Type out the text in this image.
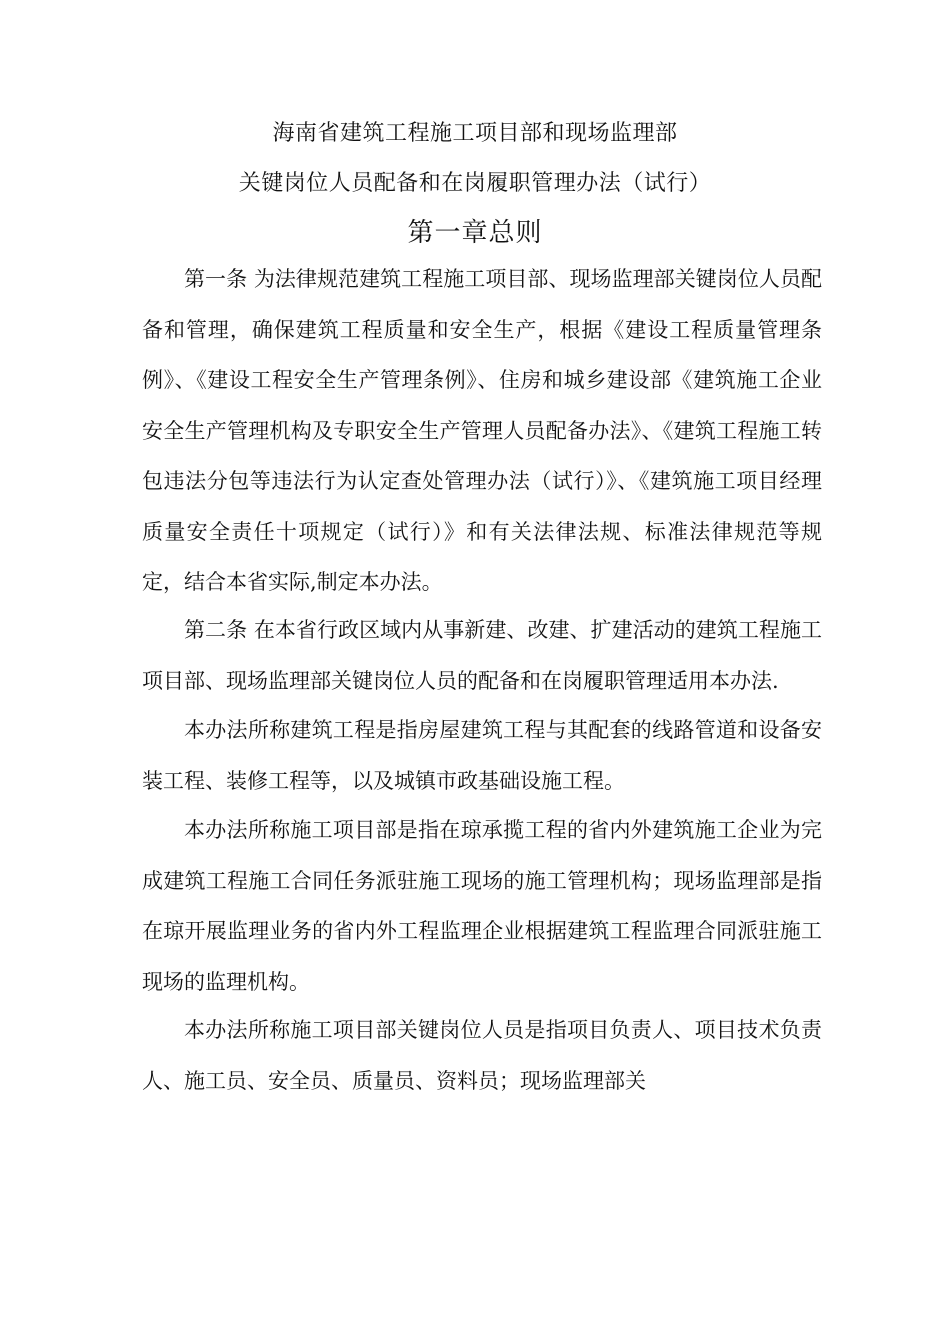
海南省建筑工程施工项目部和现场监理部
关键岗位人员配备和在岗履职管理办法（试行）
第一章总则

第一条 为法律规范建筑工程施工项目部、现场监理部关键岗位人员配备和管理，确保建筑工程质量和安全生产，根据《建设工程质量管理条例》、《建设工程安全生产管理条例》、住房和城乡建设部《建筑施工企业安全生产管理机构及专职安全生产管理人员配备办法》、《建筑工程施工转包违法分包等违法行为认定查处管理办法（试行）》、《建筑施工项目经理质量安全责任十项规定（试行）》和有关法律法规、标准法律规范等规定，结合本省实际,制定本办法。

第二条 在本省行政区域内从事新建、改建、扩建活动的建筑工程施工项目部、现场监理部关键岗位人员的配备和在岗履职管理适用本办法.

本办法所称建筑工程是指房屋建筑工程与其配套的线路管道和设备安装工程、装修工程等，以及城镇市政基础设施工程。

本办法所称施工项目部是指在琼承揽工程的省内外建筑施工企业为完成建筑工程施工合同任务派驻施工现场的施工管理机构；现场监理部是指在琼开展监理业务的省内外工程监理企业根据建筑工程监理合同派驻施工现场的监理机构。

本办法所称施工项目部关键岗位人员是指项目负责人、项目技术负责人、施工员、安全员、质量员、资料员；现场监理部关
